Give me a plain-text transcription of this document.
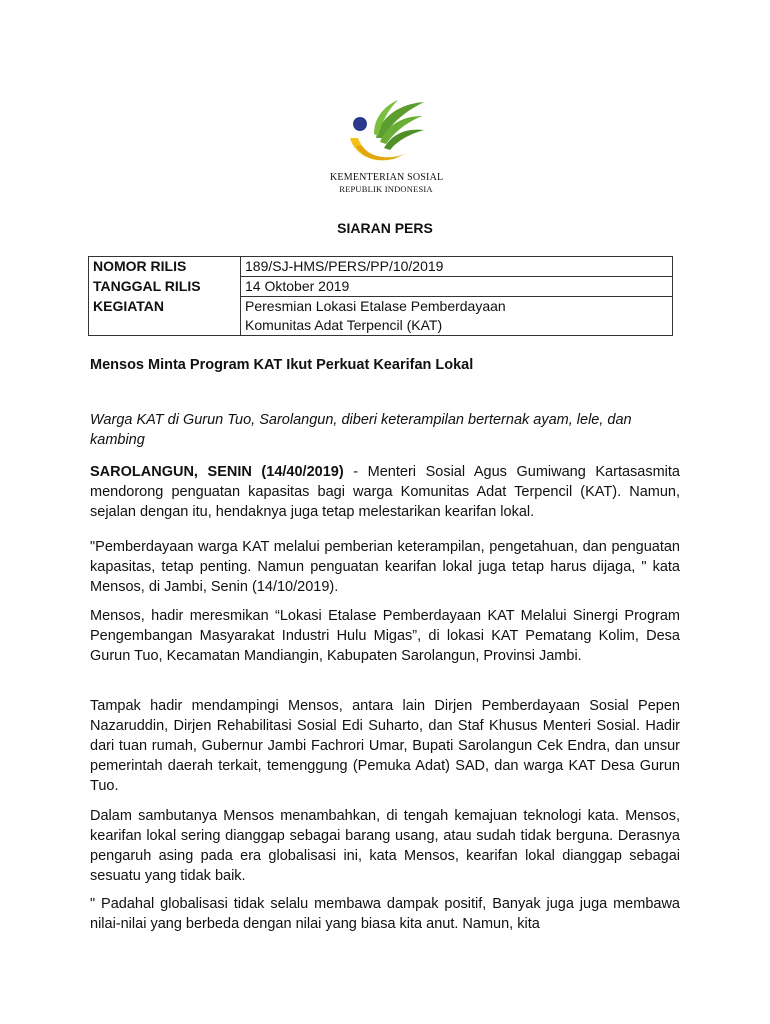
KEMENTERIAN SOSIAL
REPUBLIK INDONESIA
SIARAN PERS
NOMOR RILIS	189/SJ-HMS/PERS/PP/10/2019

TANGGAL RILIS	14 Oktober 2019

KEGIATAN	Peresmian Lokasi Etalase Pemberdayaan
Komunitas Adat Terpencil (KAT)
Mensos Minta Program KAT Ikut Perkuat Kearifan Lokal
Warga KAT di Gurun Tuo, Sarolangun, diberi keterampilan berternak ayam, lele, dan kambing

SAROLANGUN, SENIN (14/40/2019) - Menteri Sosial Agus Gumiwang Kartasasmita mendorong penguatan kapasitas bagi warga Komunitas Adat Terpencil (KAT). Namun, sejalan dengan itu, hendaknya juga tetap melestarikan kearifan lokal.

"Pemberdayaan warga KAT melalui pemberian keterampilan, pengetahuan, dan penguatan kapasitas, tetap penting. Namun penguatan kearifan lokal juga tetap harus dijaga, " kata Mensos, di Jambi, Senin (14/10/2019).

Mensos, hadir meresmikan “Lokasi Etalase Pemberdayaan KAT Melalui Sinergi Program Pengembangan Masyarakat Industri Hulu Migas”, di lokasi KAT Pematang Kolim, Desa Gurun Tuo, Kecamatan Mandiangin, Kabupaten Sarolangun, Provinsi Jambi.

Tampak hadir mendampingi Mensos, antara lain Dirjen Pemberdayaan Sosial Pepen Nazaruddin, Dirjen Rehabilitasi Sosial Edi Suharto, dan Staf Khusus Menteri Sosial. Hadir dari tuan rumah, Gubernur Jambi Fachrori Umar, Bupati Sarolangun Cek Endra, dan unsur pemerintah daerah terkait, temenggung (Pemuka Adat) SAD, dan warga KAT Desa Gurun Tuo.

Dalam sambutanya Mensos menambahkan, di tengah kemajuan teknologi kata. Mensos, kearifan lokal sering dianggap sebagai barang usang, atau sudah tidak berguna. Derasnya pengaruh asing pada era globalisasi ini, kata Mensos, kearifan lokal dianggap sebagai sesuatu yang tidak baik.

" Padahal globalisasi tidak selalu membawa dampak positif, Banyak juga juga membawa nilai-nilai yang berbeda dengan nilai yang biasa kita anut. Namun, kita
